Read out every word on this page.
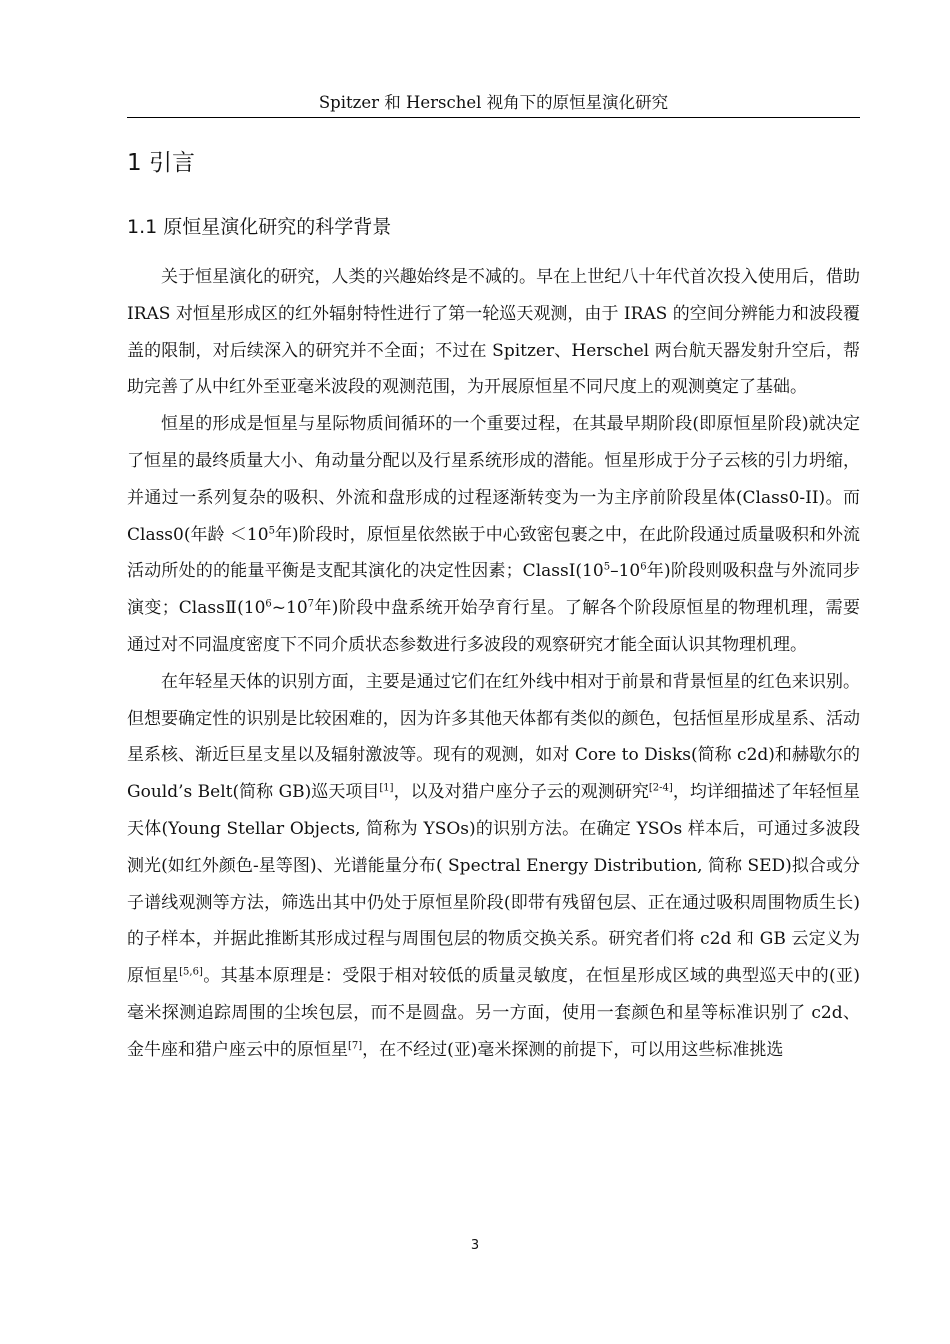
Spitzer 和 Herschel 视角下的原恒星演化研究
1 引言
1.1 原恒星演化研究的科学背景

关于恒星演化的研究，人类的兴趣始终是不减的。早在上世纪八十年代首次投入使用后，借助 IRAS 对恒星形成区的红外辐射特性进行了第一轮巡天观测，由于 IRAS 的空间分辨能力和波段覆盖的限制，对后续深入的研究并不全面；不过在 Spitzer、Herschel 两台航天器发射升空后，帮助完善了从中红外至亚毫米波段的观测范围，为开展原恒星不同尺度上的观测奠定了基础。

恒星的形成是恒星与星际物质间循环的一个重要过程，在其最早期阶段(即原恒星阶段)就决定了恒星的最终质量大小、角动量分配以及行星系统形成的潜能。恒星形成于分子云核的引力坍缩，并通过一系列复杂的吸积、外流和盘形成的过程逐渐转变为一为主序前阶段星体(Class0-II)。而 Class0(年龄 $<10^5$年)阶段时，原恒星依然嵌于中心致密包裹之中，在此阶段通过质量吸积和外流活动所处的的能量平衡是支配其演化的决定性因素；$ClassI(10^5-10^6$年)阶段则吸积盘与外流同步演变；$ClassⅡ(10^6\sim 10^7$年)阶段中盘系统开始孕育行星。了解各个阶段原恒星的物理机理，需要通过对不同温度密度下不同介质状态参数进行多波段的观察研究才能全面认识其物理机理。

在年轻星天体的识别方面，主要是通过它们在红外线中相对于前景和背景恒星的红色来识别。但想要确定性的识别是比较困难的，因为许多其他天体都有类似的颜色，包括恒星形成星系、活动星系核、渐近巨星支星以及辐射激波等。现有的观测，如对 Core to Disks(简称 c2d)和赫歇尔的 Gould’s Belt(简称 GB)巡天项目[1]，以及对猎户座分子云的观测研究[2-4]，均详细描述了年轻恒星天体(Young Stellar Objects, 简称为 YSOs)的识别方法。在确定 YSOs 样本后，可通过多波段测光(如红外颜色-星等图)、光谱能量分布( Spectral Energy Distribution, 简称 SED)拟合或分子谱线观测等方法，筛选出其中仍处于原恒星阶段(即带有残留包层、正在通过吸积周围物质生长)的子样本，并据此推断其形成过程与周围包层的物质交换关系。研究者们将 c2d 和 GB 云定义为原恒星[5,6]。其基本原理是：受限于相对较低的质量灵敏度，在恒星形成区域的典型巡天中的(亚)毫米探测追踪周围的尘埃包层，而不是圆盘。另一方面，使用一套颜色和星等标准识别了 c2d、金牛座和猎户座云中的原恒星[7]，在不经过(亚)毫米探测的前提下，可以用这些标准挑选

3
